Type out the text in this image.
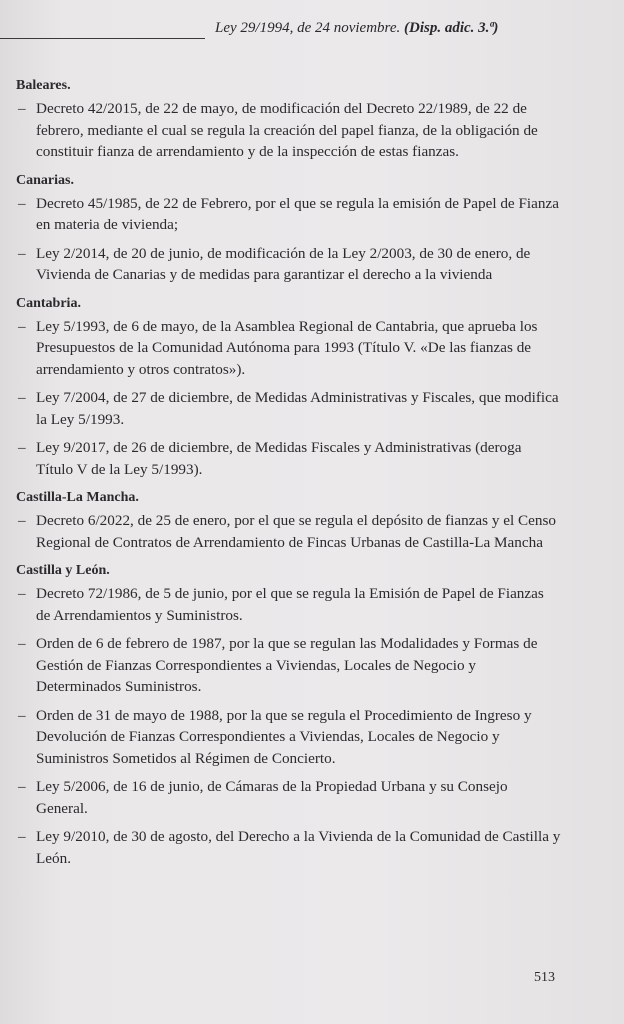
Ley 29/1994, de 24 noviembre. (Disp. adic. 3.ª)
Baleares.
– Decreto 42/2015, de 22 de mayo, de modificación del Decreto 22/1989, de 22 de febrero, mediante el cual se regula la creación del papel fianza, de la obligación de constituir fianza de arrendamiento y de la inspección de estas fianzas.
Canarias.
– Decreto 45/1985, de 22 de Febrero, por el que se regula la emisión de Papel de Fianza en materia de vivienda;
– Ley 2/2014, de 20 de junio, de modificación de la Ley 2/2003, de 30 de enero, de Vivienda de Canarias y de medidas para garantizar el derecho a la vivienda
Cantabria.
– Ley 5/1993, de 6 de mayo, de la Asamblea Regional de Cantabria, que aprueba los Presupuestos de la Comunidad Autónoma para 1993 (Título V. «De las fianzas de arrendamiento y otros contratos»).
– Ley 7/2004, de 27 de diciembre, de Medidas Administrativas y Fiscales, que modifica la Ley 5/1993.
– Ley 9/2017, de 26 de diciembre, de Medidas Fiscales y Administrativas (deroga Título V de la Ley 5/1993).
Castilla-La Mancha.
– Decreto 6/2022, de 25 de enero, por el que se regula el depósito de fianzas y el Censo Regional de Contratos de Arrendamiento de Fincas Urbanas de Castilla-La Mancha
Castilla y León.
– Decreto 72/1986, de 5 de junio, por el que se regula la Emisión de Papel de Fianzas de Arrendamientos y Suministros.
– Orden de 6 de febrero de 1987, por la que se regulan las Modalidades y Formas de Gestión de Fianzas Correspondientes a Viviendas, Locales de Negocio y Determinados Suministros.
– Orden de 31 de mayo de 1988, por la que se regula el Procedimiento de Ingreso y Devolución de Fianzas Correspondientes a Viviendas, Locales de Negocio y Suministros Sometidos al Régimen de Concierto.
– Ley 5/2006, de 16 de junio, de Cámaras de la Propiedad Urbana y su Consejo General.
– Ley 9/2010, de 30 de agosto, del Derecho a la Vivienda de la Comunidad de Castilla y León.
513
